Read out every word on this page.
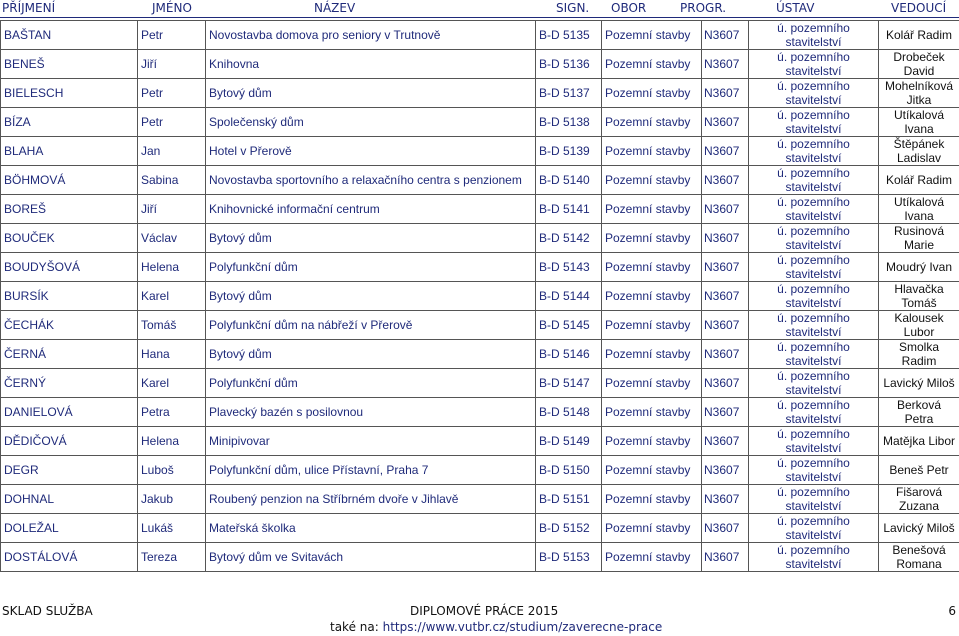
PŘÍJMENÍ	JMÉNO	NÁZEV	SIGN. OBOR	PROGR.	ÚSTAV	VEDOUCÍ
BAŠTAN	Petr	Novostavba domova pro seniory v Trutnově	B-D 5135	Pozemní stavby	N3607	ú. pozemního stavitelství	Kolář Radim
BENEŠ	Jiří	Knihovna	B-D 5136	Pozemní stavby	N3607	ú. pozemního stavitelství	Drobeček David
BIELESCH	Petr	Bytový dům	B-D 5137	Pozemní stavby	N3607	ú. pozemního stavitelství	Mohelníková Jitka
BÍZA	Petr	Společenský dům	B-D 5138	Pozemní stavby	N3607	ú. pozemního stavitelství	Utíkalová Ivana
BLAHA	Jan	Hotel v Přerově	B-D 5139	Pozemní stavby	N3607	ú. pozemního stavitelství	Štěpánek Ladislav
BÖHMOVÁ	Sabina	Novostavba sportovního a relaxačního centra s penzionem	B-D 5140	Pozemní stavby	N3607	ú. pozemního stavitelství	Kolář Radim
BOREŠ	Jiří	Knihovnické informační centrum	B-D 5141	Pozemní stavby	N3607	ú. pozemního stavitelství	Utíkalová Ivana
BOUČEK	Václav	Bytový dům	B-D 5142	Pozemní stavby	N3607	ú. pozemního stavitelství	Rusinová Marie
BOUDYŠOVÁ	Helena	Polyfunkční dům	B-D 5143	Pozemní stavby	N3607	ú. pozemního stavitelství	Moudrý Ivan
BURSÍK	Karel	Bytový dům	B-D 5144	Pozemní stavby	N3607	ú. pozemního stavitelství	Hlavačka Tomáš
ČECHÁK	Tomáš	Polyfunkční dům na nábřeží v Přerově	B-D 5145	Pozemní stavby	N3607	ú. pozemního stavitelství	Kalousek Lubor
ČERNÁ	Hana	Bytový dům	B-D 5146	Pozemní stavby	N3607	ú. pozemního stavitelství	Smolka Radim
ČERNÝ	Karel	Polyfunkční dům	B-D 5147	Pozemní stavby	N3607	ú. pozemního stavitelství	Lavický Miloš
DANIELOVÁ	Petra	Plavecký bazén s posilovnou	B-D 5148	Pozemní stavby	N3607	ú. pozemního stavitelství	Berková Petra
DĚDIČOVÁ	Helena	Minipivovar	B-D 5149	Pozemní stavby	N3607	ú. pozemního stavitelství	Matějka Libor
DEGR	Luboš	Polyfunkční dům, ulice Přístavní, Praha 7	B-D 5150	Pozemní stavby	N3607	ú. pozemního stavitelství	Beneš Petr
DOHNAL	Jakub	Roubený penzion na Stříbrném dvoře v Jihlavě	B-D 5151	Pozemní stavby	N3607	ú. pozemního stavitelství	Fišarová Zuzana
DOLEŽAL	Lukáš	Mateřská školka	B-D 5152	Pozemní stavby	N3607	ú. pozemního stavitelství	Lavický Miloš
DOSTÁLOVÁ	Tereza	Bytový dům ve Svitavách	B-D 5153	Pozemní stavby	N3607	ú. pozemního stavitelství	Benešová Romana
SKLAD SLUŽBA	DIPLOMOVÉ PRÁCE 2015	6
také na: https://www.vutbr.cz/studium/zaverecne-prace
